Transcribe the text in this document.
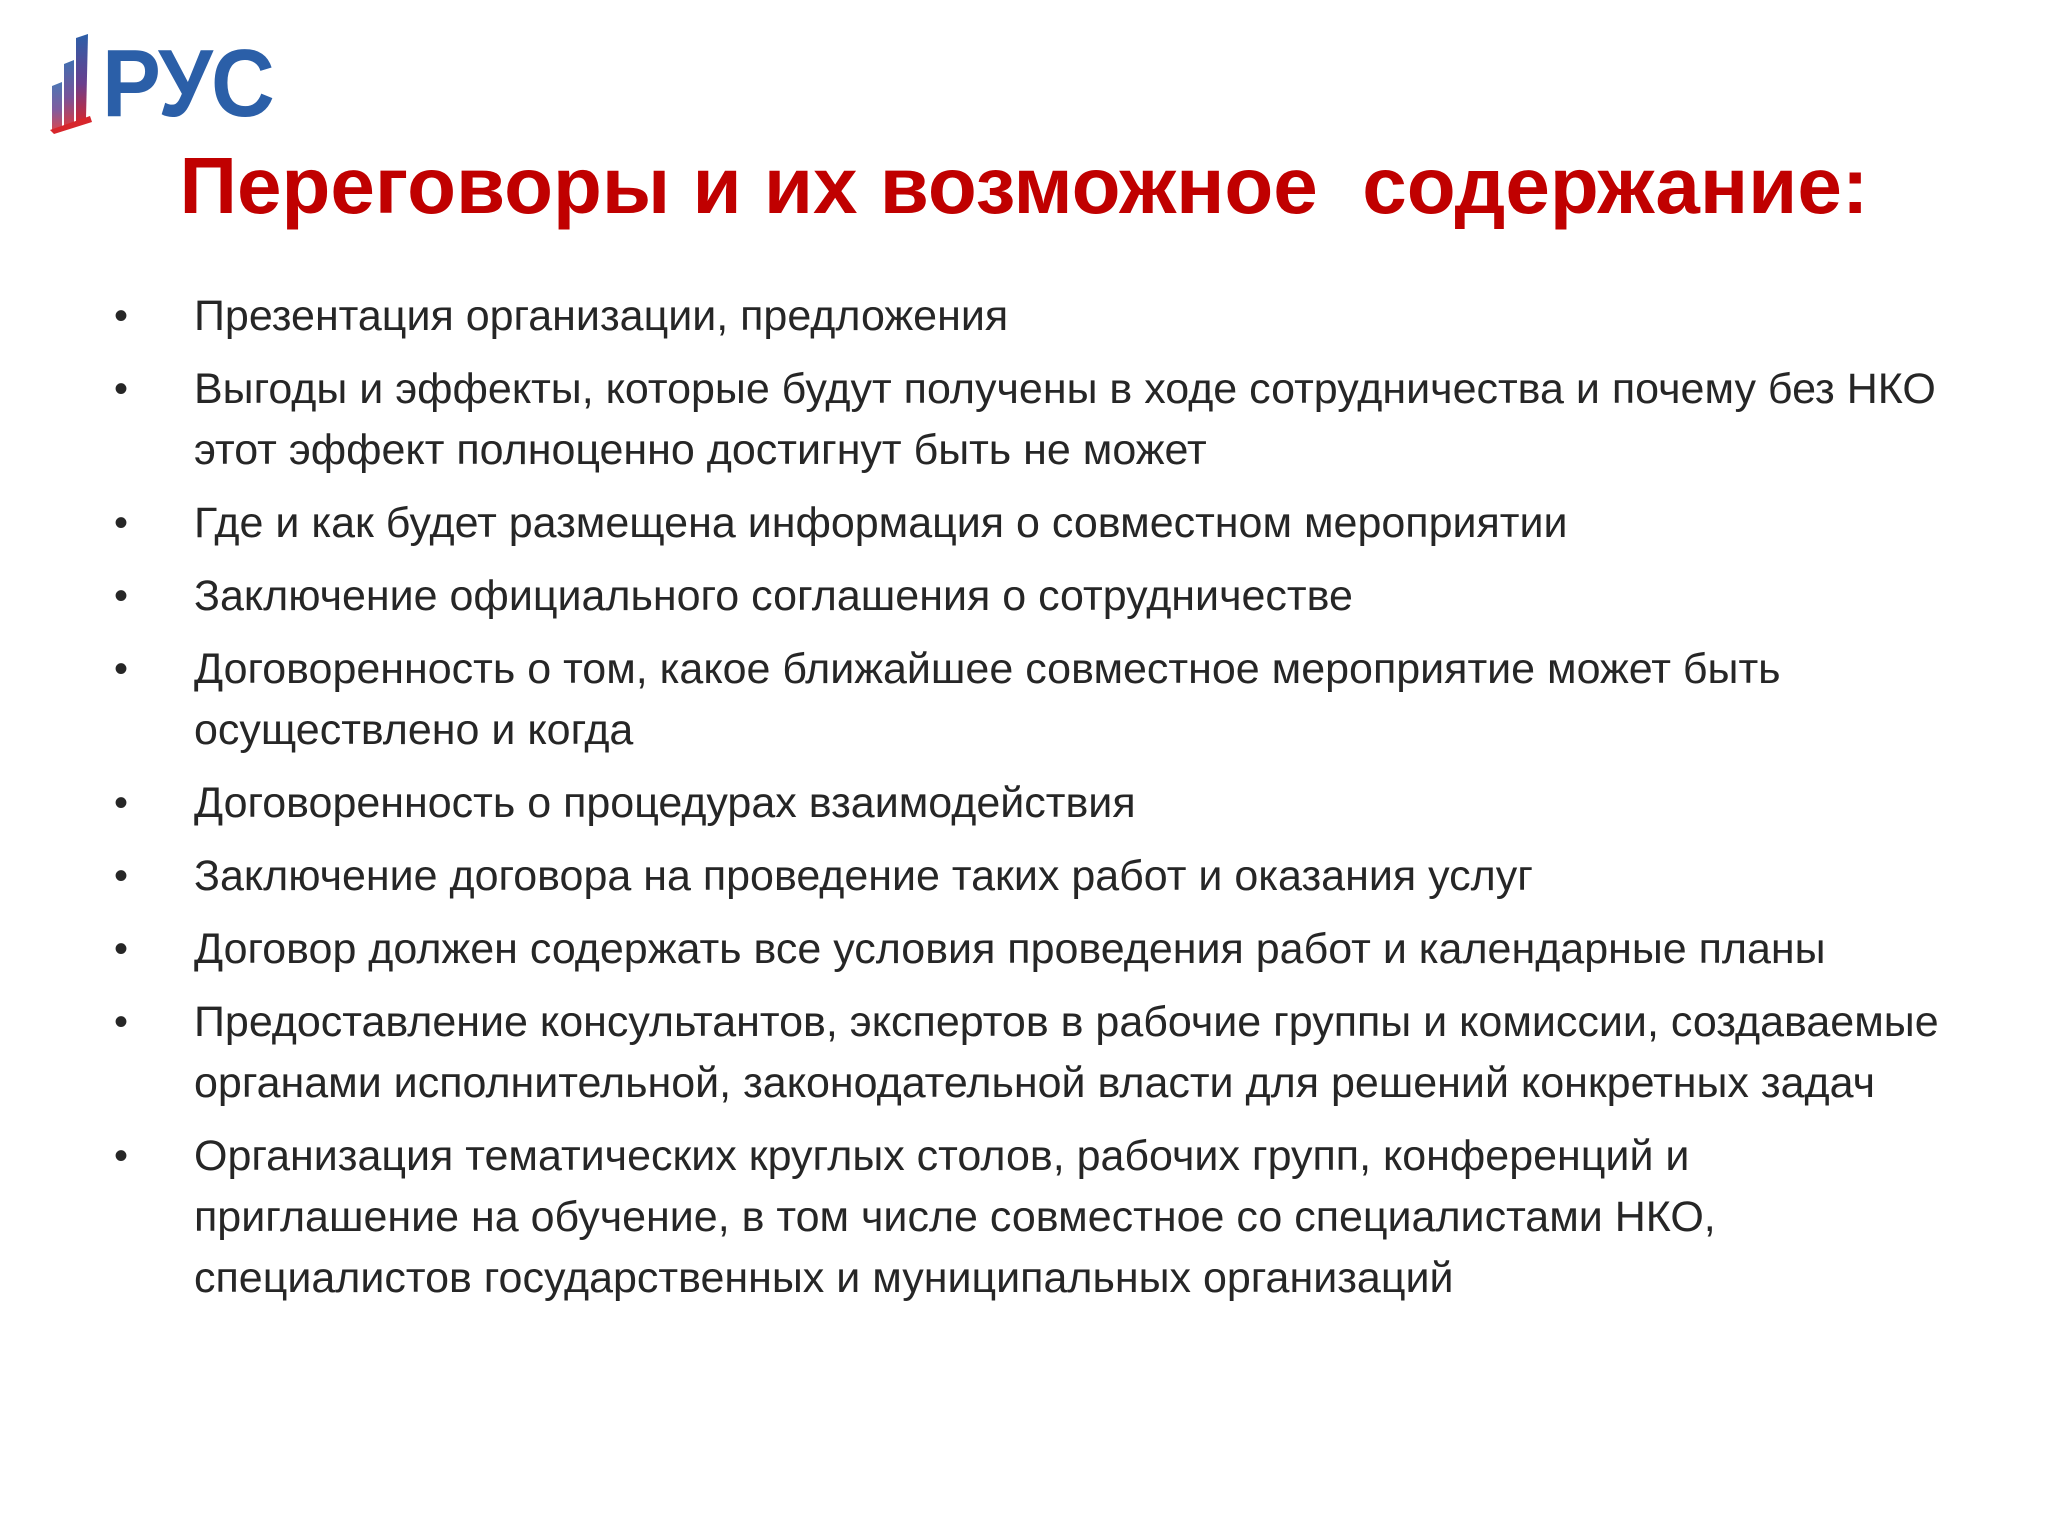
РУС
Переговоры и их возможное  содержание:
• Презентация организации, предложения
• Выгоды и эффекты, которые будут получены в ходе сотрудничества и почему без НКО этот эффект полноценно достигнут быть не может
• Где и как будет размещена информация о совместном мероприятии
• Заключение официального соглашения о сотрудничестве
• Договоренность о том, какое ближайшее совместное мероприятие может быть осуществлено и когда
• Договоренность о процедурах взаимодействия
• Заключение договора на проведение таких работ и оказания услуг
• Договор должен содержать все условия проведения работ и календарные планы
• Предоставление консультантов, экспертов в рабочие группы и комиссии, создаваемые органами исполнительной, законодательной власти для решений конкретных задач
• Организация тематических круглых столов, рабочих групп, конференций и приглашение на обучение, в том числе совместное со специалистами НКО, специалистов государственных и муниципальных организаций
